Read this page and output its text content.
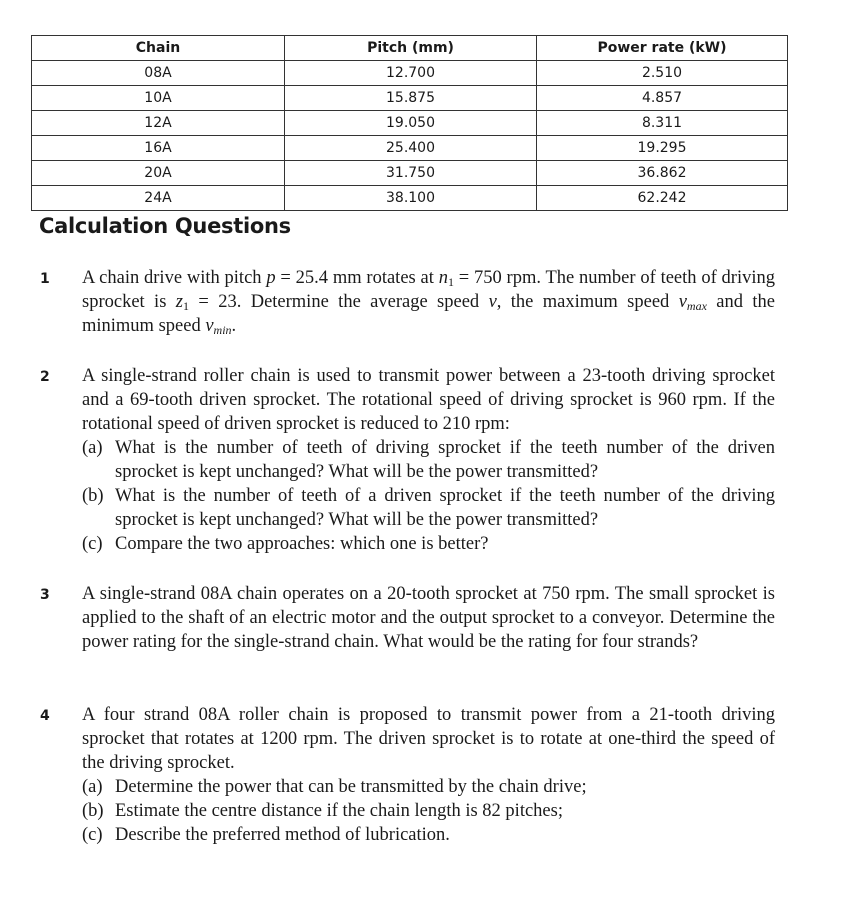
Chain	Pitch (mm)	Power rate (kW)
08A	12.700	2.510
10A	15.875	4.857
12A	19.050	8.311
16A	25.400	19.295
20A	31.750	36.862
24A	38.100	62.242
Calculation Questions
1	A chain drive with pitch p = 25.4 mm rotates at $n_1 = 750$ rpm. The number of teeth of driving sprocket is $z_1 = 23$. Determine the average speed v, the maximum speed $v_{max}$ and the minimum speed $v_{min}$.
2	A single-strand roller chain is used to transmit power between a 23-tooth driving sprocket and a 69-tooth driven sprocket. The rotational speed of driving sprocket is 960 rpm. If the rotational speed of driven sprocket is reduced to 210 rpm:
(a) What is the number of teeth of driving sprocket if the teeth number of the driven sprocket is kept unchanged? What will be the power transmitted?
(b) What is the number of teeth of a driven sprocket if the teeth number of the driving sprocket is kept unchanged? What will be the power transmitted?
(c) Compare the two approaches: which one is better?
3	A single-strand 08A chain operates on a 20-tooth sprocket at 750 rpm. The small sprocket is applied to the shaft of an electric motor and the output sprocket to a conveyor. Determine the power rating for the single-strand chain. What would be the rating for four strands?
4	A four strand 08A roller chain is proposed to transmit power from a 21-tooth driving sprocket that rotates at 1200 rpm. The driven sprocket is to rotate at one-third the speed of the driving sprocket.
(a) Determine the power that can be transmitted by the chain drive;
(b) Estimate the centre distance if the chain length is 82 pitches;
(c) Describe the preferred method of lubrication.
